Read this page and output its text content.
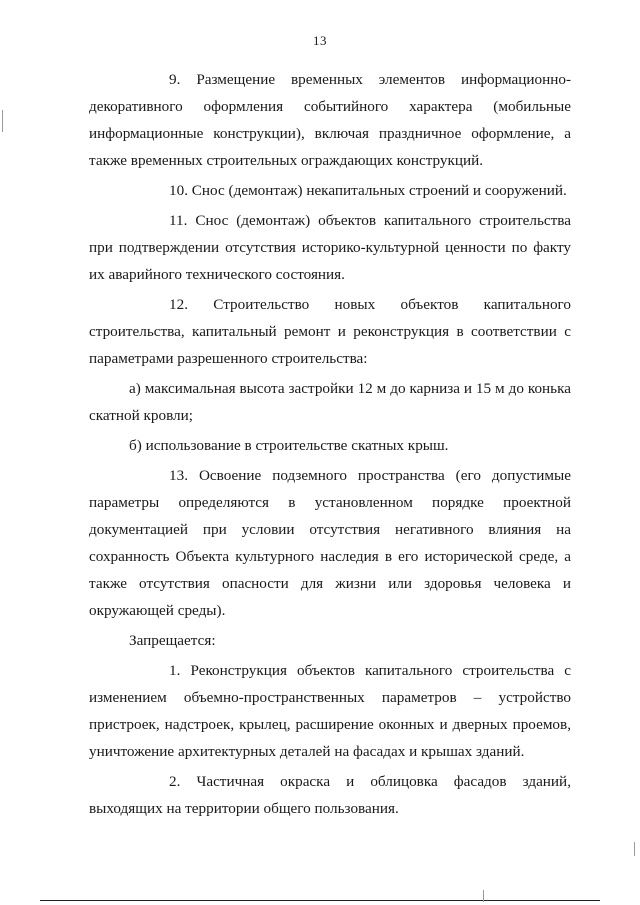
13

9. Размещение временных элементов информационно-декоративного оформления событийного характера (мобильные информационные конструкции), включая праздничное оформление, а также временных строительных ограждающих конструкций.

10. Снос (демонтаж) некапитальных строений и сооружений.

11. Снос (демонтаж) объектов капитального строительства при подтверждении отсутствия историко-культурной ценности по факту их аварийного технического состояния.

12. Строительство новых объектов капитального строительства, капитальный ремонт и реконструкция в соответствии с параметрами разрешенного строительства:

а) максимальная высота застройки 12 м до карниза и 15 м до конька скатной кровли;

б) использование в строительстве скатных крыш.

13. Освоение подземного пространства (его допустимые параметры определяются в установленном порядке проектной документацией при условии отсутствия негативного влияния на сохранность Объекта культурного наследия в его исторической среде, а также отсутствия опасности для жизни или здоровья человека и окружающей среды).

Запрещается:

1. Реконструкция объектов капитального строительства с изменением объемно-пространственных параметров – устройство пристроек, надстроек, крылец, расширение оконных и дверных проемов, уничтожение архитектурных деталей на фасадах и крышах зданий.

2. Частичная окраска и облицовка фасадов зданий, выходящих на территории общего пользования.
